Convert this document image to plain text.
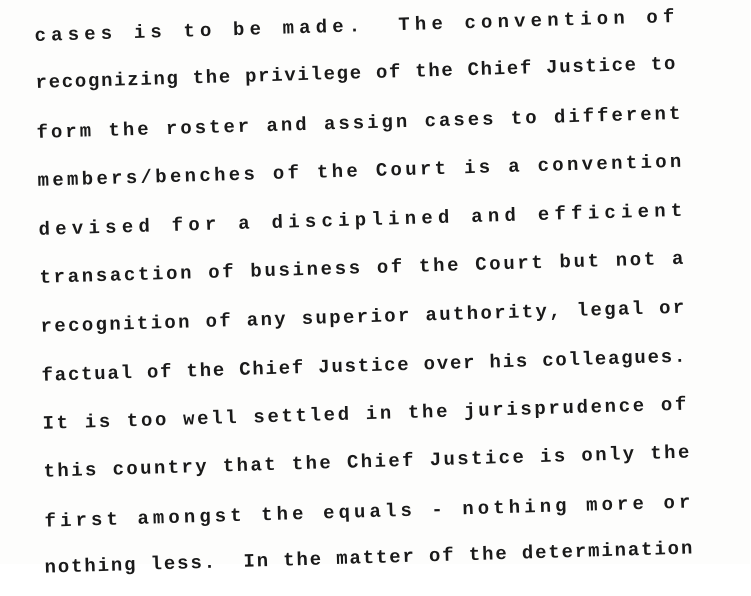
cases is to be made.  The convention of
recognizing the privilege of the Chief Justice to
form the roster and assign cases to different
members/benches of the Court is a convention
devised for a disciplined and efficient
transaction of business of the Court but not a
recognition of any superior authority, legal or
factual of the Chief Justice over his colleagues.
It is too well settled in the jurisprudence of
this country that the Chief Justice is only the
first amongst the equals - nothing more or
nothing less.  In the matter of the determination
